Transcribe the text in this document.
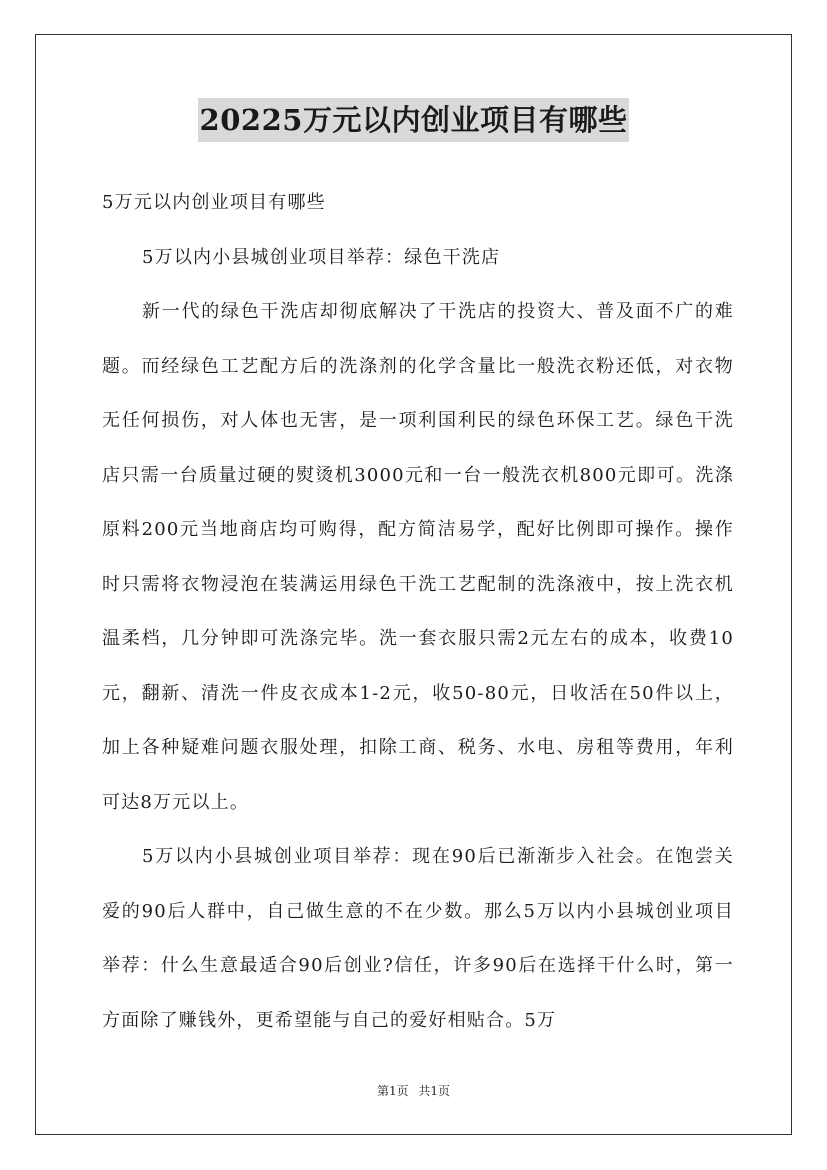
20225万元以内创业项目有哪些

5万元以内创业项目有哪些

5万以内小县城创业项目举荐：绿色干洗店

新一代的绿色干洗店却彻底解决了干洗店的投资大、普及面不广的难题。而经绿色工艺配方后的洗涤剂的化学含量比一般洗衣粉还低，对衣物无任何损伤，对人体也无害，是一项利国利民的绿色环保工艺。绿色干洗店只需一台质量过硬的熨烫机3000元和一台一般洗衣机800元即可。洗涤原料200元当地商店均可购得，配方简洁易学，配好比例即可操作。操作时只需将衣物浸泡在装满运用绿色干洗工艺配制的洗涤液中，按上洗衣机温柔档，几分钟即可洗涤完毕。洗一套衣服只需2元左右的成本，收费10元，翻新、清洗一件皮衣成本1-2元，收50-80元，日收活在50件以上，加上各种疑难问题衣服处理，扣除工商、税务、水电、房租等费用，年利可达8万元以上。

5万以内小县城创业项目举荐：现在90后已渐渐步入社会。在饱尝关爱的90后人群中，自己做生意的不在少数。那么5万以内小县城创业项目举荐：什么生意最适合90后创业?信任，许多90后在选择干什么时，第一方面除了赚钱外，更希望能与自己的爱好相贴合。5万

第1页 共1页
